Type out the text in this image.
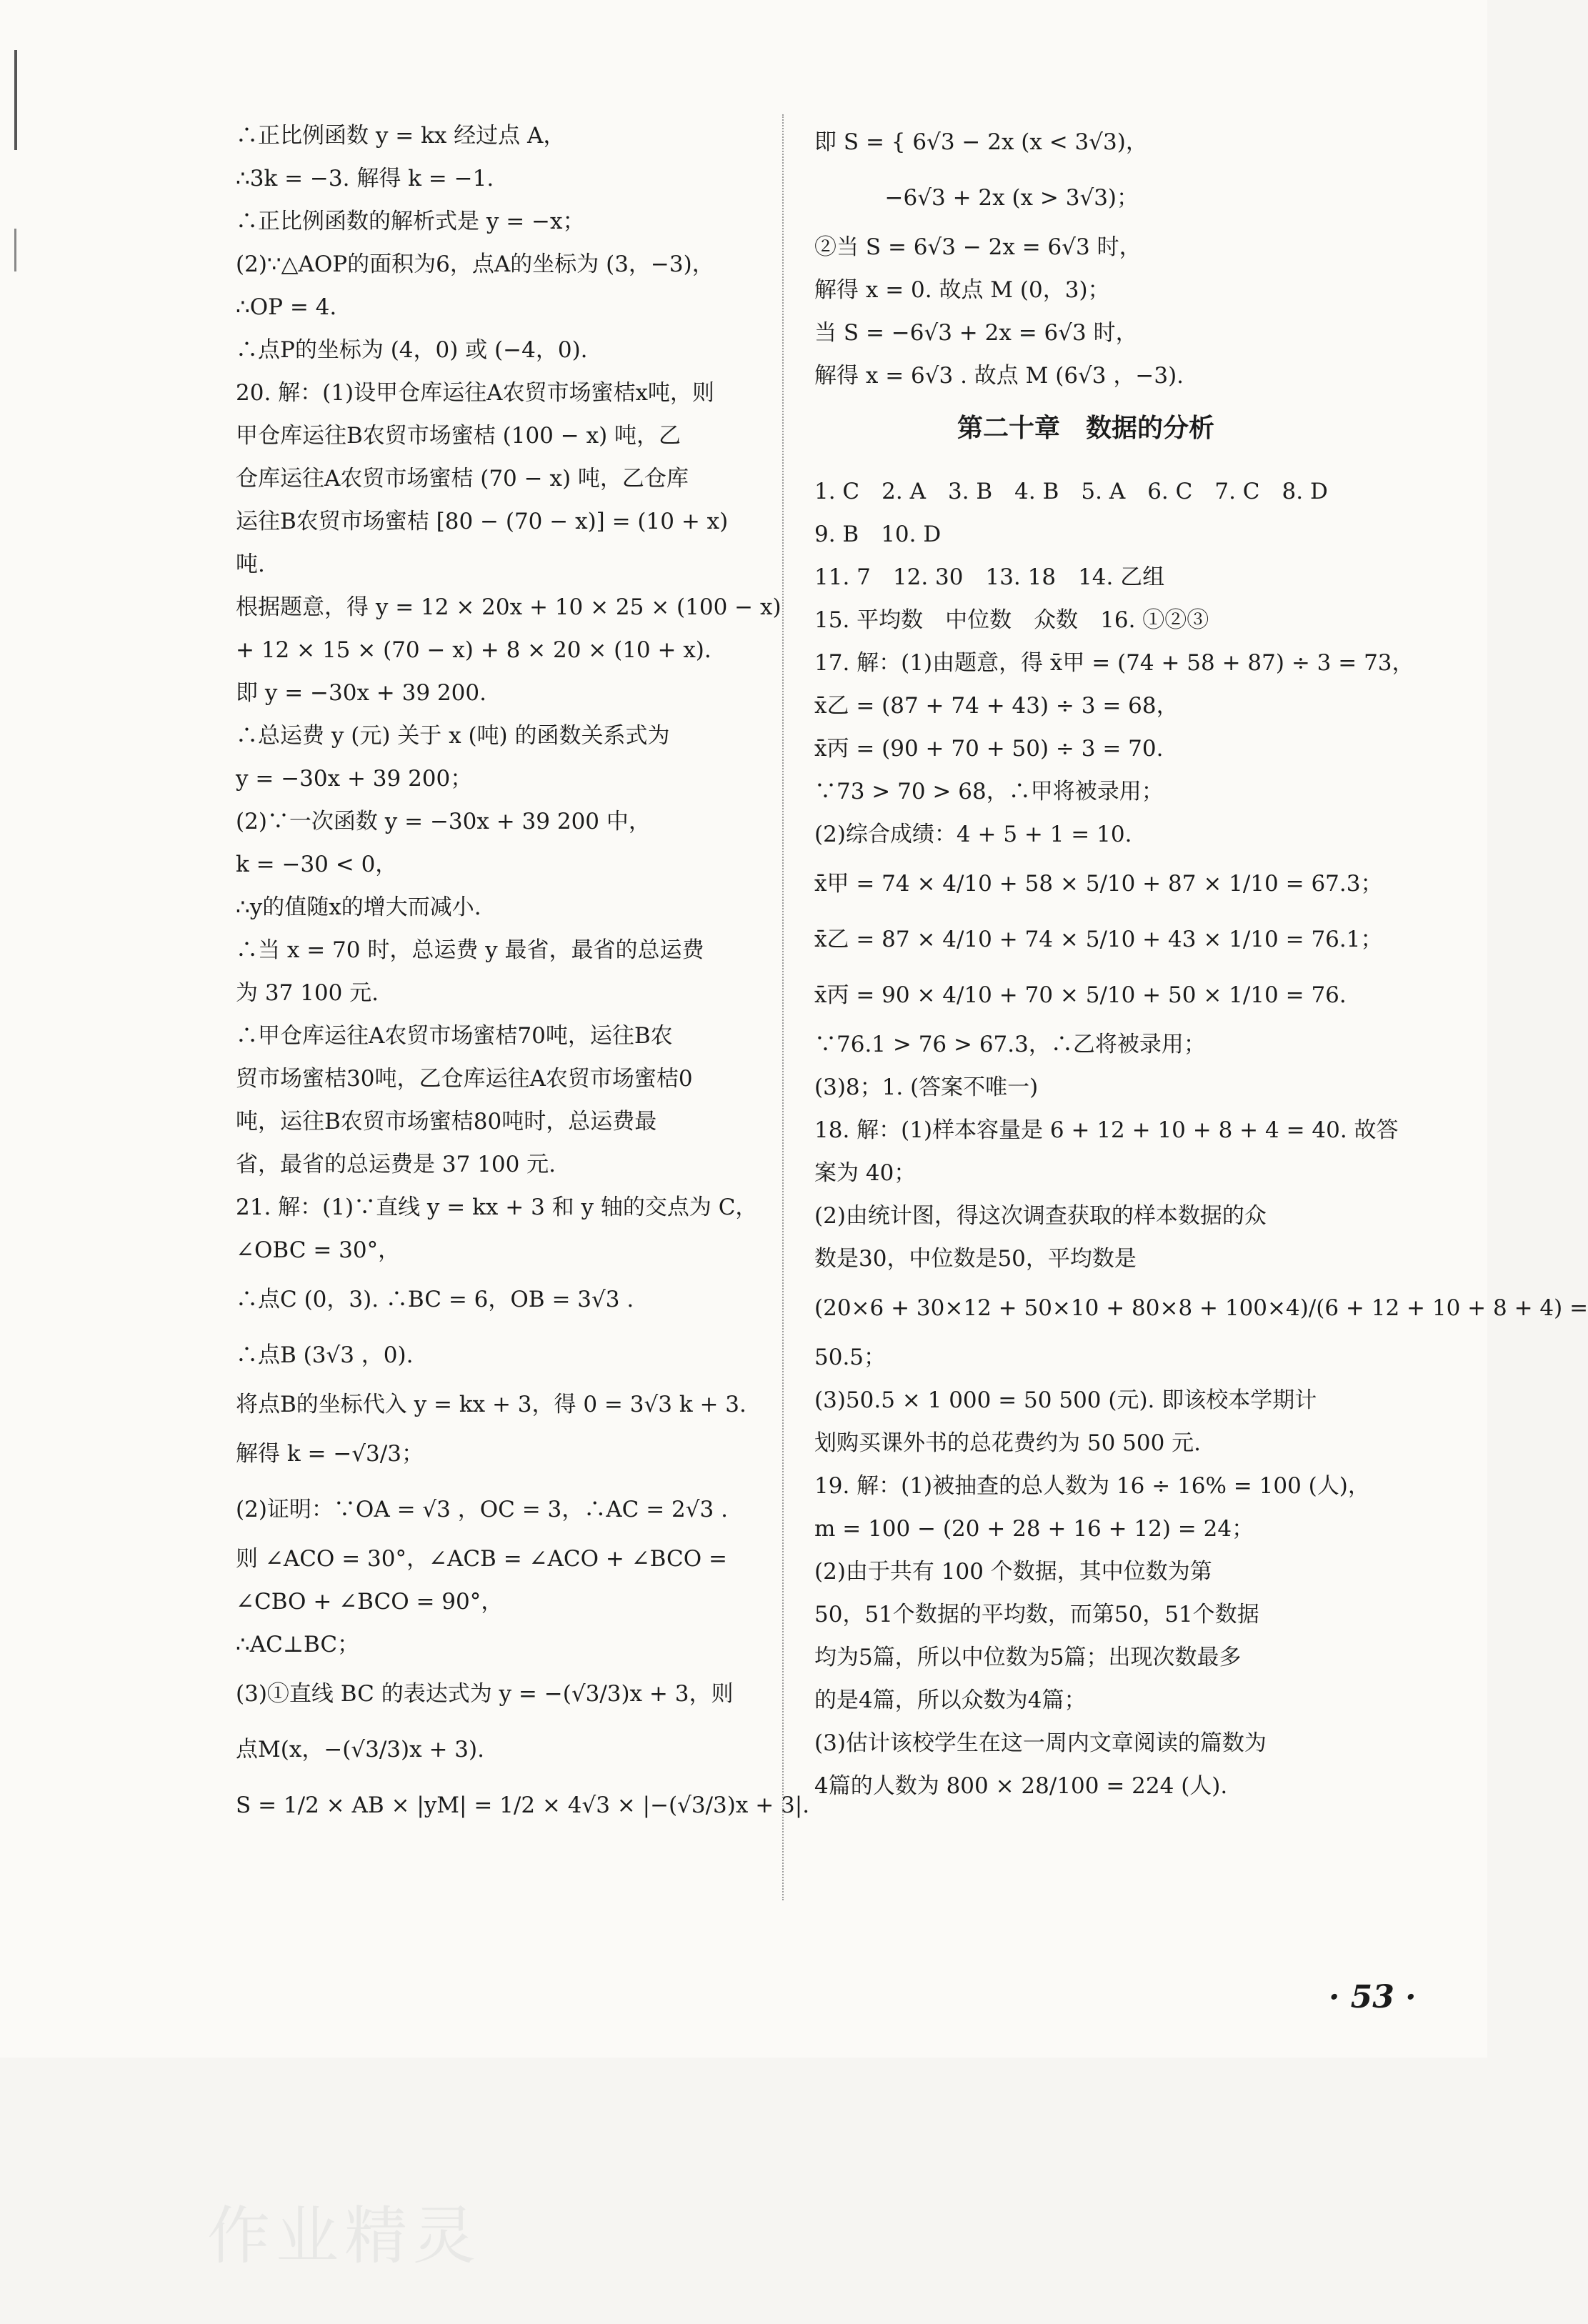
∴正比例函数 y = kx 经过点 A，
∴3k = −3. 解得 k = −1.
∴正比例函数的解析式是 y = −x；
(2)∵△AOP的面积为6，点A的坐标为 (3，−3)，
∴OP = 4.
∴点P的坐标为 (4，0) 或 (−4，0).
20. 解：(1)设甲仓库运往A农贸市场蜜桔x吨，则
甲仓库运往B农贸市场蜜桔 (100 − x) 吨，乙
仓库运往A农贸市场蜜桔 (70 − x) 吨，乙仓库
运往B农贸市场蜜桔 [80 − (70 − x)] = (10 + x)
吨.
根据题意，得 y = 12 × 20x + 10 × 25 × (100 − x)
+ 12 × 15 × (70 − x) + 8 × 20 × (10 + x).
即 y = −30x + 39 200.
∴总运费 y (元) 关于 x (吨) 的函数关系式为
y = −30x + 39 200；
(2)∵一次函数 y = −30x + 39 200 中，
k = −30 < 0，
∴y的值随x的增大而减小.
∴当 x = 70 时，总运费 y 最省，最省的总运费
为 37 100 元.
∴甲仓库运往A农贸市场蜜桔70吨，运往B农
贸市场蜜桔30吨，乙仓库运往A农贸市场蜜桔0
吨，运往B农贸市场蜜桔80吨时，总运费最
省，最省的总运费是 37 100 元.
21. 解：(1)∵直线 y = kx + 3 和 y 轴的交点为 C，
∠OBC = 30°，
∴点C (0，3). ∴BC = 6，OB = 3√3 .
∴点B (3√3 ，0).
将点B的坐标代入 y = kx + 3，得 0 = 3√3 k + 3.
解得 k = −√3/3；
(2)证明：∵OA = √3 ，OC = 3，∴AC = 2√3 .
则 ∠ACO = 30°，∠ACB = ∠ACO + ∠BCO =
∠CBO + ∠BCO = 90°，
∴AC⊥BC；
(3)①直线 BC 的表达式为 y = −(√3/3)x + 3，则
点M(x，−(√3/3)x + 3).
S = 1/2 × AB × |yM| = 1/2 × 4√3 × |−(√3/3)x + 3|.
即 S = { 6√3 − 2x (x < 3√3)，
−6√3 + 2x (x > 3√3)；
②当 S = 6√3 − 2x = 6√3 时，
解得 x = 0. 故点 M (0，3)；
当 S = −6√3 + 2x = 6√3 时，
解得 x = 6√3 . 故点 M (6√3 ，−3).
第二十章　数据的分析
1. C　2. A　3. B　4. B　5. A　6. C　7. C　8. D
9. B　10. D
11. 7　12. 30　13. 18　14. 乙组
15. 平均数　中位数　众数　16. ①②③
17. 解：(1)由题意，得 x̄甲 = (74 + 58 + 87) ÷ 3 = 73，
x̄乙 = (87 + 74 + 43) ÷ 3 = 68，
x̄丙 = (90 + 70 + 50) ÷ 3 = 70.
∵73 > 70 > 68，∴甲将被录用；
(2)综合成绩：4 + 5 + 1 = 10.
x̄甲 = 74 × 4/10 + 58 × 5/10 + 87 × 1/10 = 67.3；
x̄乙 = 87 × 4/10 + 74 × 5/10 + 43 × 1/10 = 76.1；
x̄丙 = 90 × 4/10 + 70 × 5/10 + 50 × 1/10 = 76.
∵76.1 > 76 > 67.3，∴乙将被录用；
(3)8；1. (答案不唯一)
18. 解：(1)样本容量是 6 + 12 + 10 + 8 + 4 = 40. 故答
案为 40；
(2)由统计图，得这次调查获取的样本数据的众
数是30，中位数是50，平均数是
(20×6 + 30×12 + 50×10 + 80×8 + 100×4)/(6 + 12 + 10 + 8 + 4) =
50.5；
(3)50.5 × 1 000 = 50 500 (元). 即该校本学期计
划购买课外书的总花费约为 50 500 元.
19. 解：(1)被抽查的总人数为 16 ÷ 16% = 100 (人)，
m = 100 − (20 + 28 + 16 + 12) = 24；
(2)由于共有 100 个数据，其中位数为第
50，51个数据的平均数，而第50，51个数据
均为5篇，所以中位数为5篇；出现次数最多
的是4篇，所以众数为4篇；
(3)估计该校学生在这一周内文章阅读的篇数为
4篇的人数为 800 × 28/100 = 224 (人).
· 53 ·
作业精灵
